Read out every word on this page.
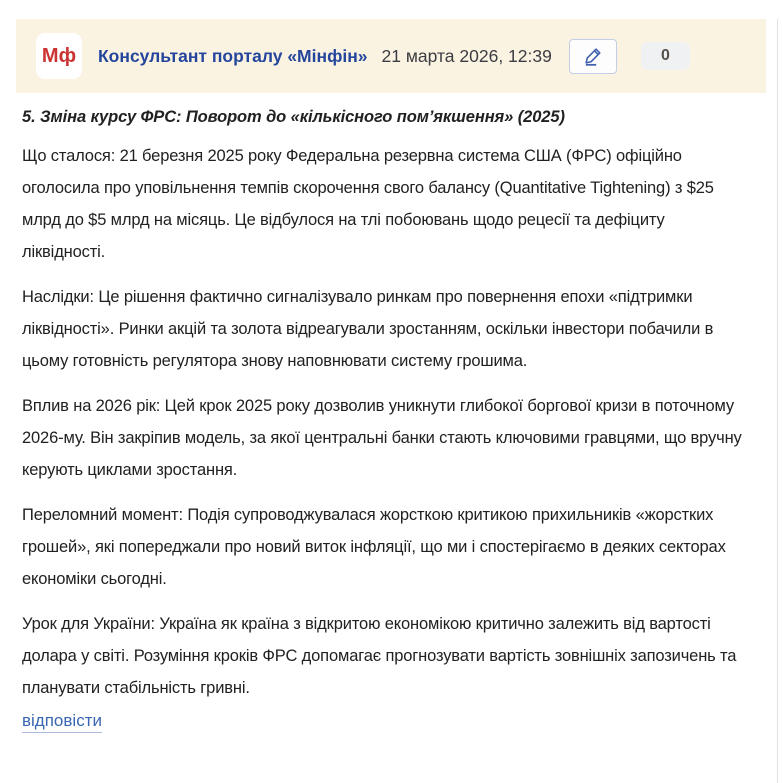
Мф	Консультант порталу «Мінфін» 21 марта 2026, 12:39	0
5. Зміна курсу ФРС: Поворот до «кількісного пом’якшення» (2025)

Що сталося: 21 березня 2025 року Федеральна резервна система США (ФРС) офіційно оголосила про уповільнення темпів скорочення свого балансу (Quantitative Tightening) з $25 млрд до $5 млрд на місяць. Це відбулося на тлі побоювань щодо рецесії та дефіциту ліквідності.

Наслідки: Це рішення фактично сигналізувало ринкам про повернення епохи «підтримки ліквідності». Ринки акцій та золота відреагували зростанням, оскільки інвестори побачили в цьому готовність регулятора знову наповнювати систему грошима.

Вплив на 2026 рік: Цей крок 2025 року дозволив уникнути глибокої боргової кризи в поточному 2026-му. Він закріпив модель, за якої центральні банки стають ключовими гравцями, що вручну керують циклами зростання.

Переломний момент: Подія супроводжувалася жорсткою критикою прихильників «жорстких грошей», які попереджали про новий виток інфляції, що ми і спостерігаємо в деяких секторах економіки сьогодні.

Урок для України: Україна як країна з відкритою економікою критично залежить від вартості долара у світі. Розуміння кроків ФРС допомагає прогнозувати вартість зовнішніх запозичень та планувати стабільність гривні.

відповісти
